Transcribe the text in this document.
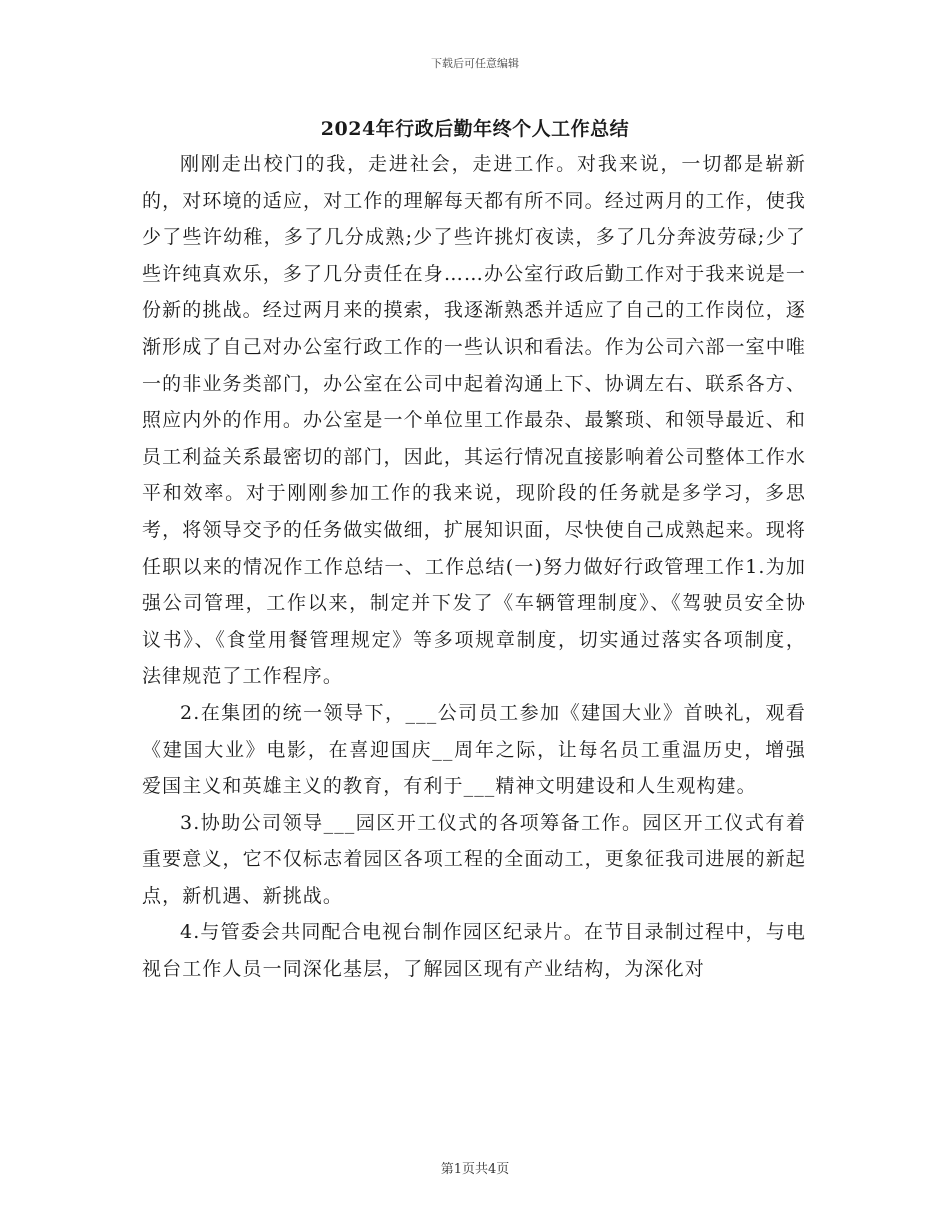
下载后可任意编辑
2024年行政后勤年终个人工作总结

刚刚走出校门的我，走进社会，走进工作。对我来说，一切都是崭新的，对环境的适应，对工作的理解每天都有所不同。经过两月的工作，使我少了些许幼稚，多了几分成熟;少了些许挑灯夜读，多了几分奔波劳碌;少了些许纯真欢乐，多了几分责任在身……办公室行政后勤工作对于我来说是一份新的挑战。经过两月来的摸索，我逐渐熟悉并适应了自己的工作岗位，逐渐形成了自己对办公室行政工作的一些认识和看法。作为公司六部一室中唯一的非业务类部门，办公室在公司中起着沟通上下、协调左右、联系各方、照应内外的作用。办公室是一个单位里工作最杂、最繁琐、和领导最近、和员工利益关系最密切的部门，因此，其运行情况直接影响着公司整体工作水平和效率。对于刚刚参加工作的我来说，现阶段的任务就是多学习，多思考，将领导交予的任务做实做细，扩展知识面，尽快使自己成熟起来。现将任职以来的情况作工作总结一、工作总结(一)努力做好行政管理工作1.为加强公司管理，工作以来，制定并下发了《车辆管理制度》、《驾驶员安全协议书》、《食堂用餐管理规定》等多项规章制度，切实通过落实各项制度，法律规范了工作程序。

2.在集团的统一领导下，___公司员工参加《建国大业》首映礼，观看《建国大业》电影，在喜迎国庆__周年之际，让每名员工重温历史，增强爱国主义和英雄主义的教育，有利于___精神文明建设和人生观构建。

3.协助公司领导___园区开工仪式的各项筹备工作。园区开工仪式有着重要意义，它不仅标志着园区各项工程的全面动工，更象征我司进展的新起点，新机遇、新挑战。

4.与管委会共同配合电视台制作园区纪录片。在节目录制过程中，与电视台工作人员一同深化基层，了解园区现有产业结构，为深化对

第1页共4页
